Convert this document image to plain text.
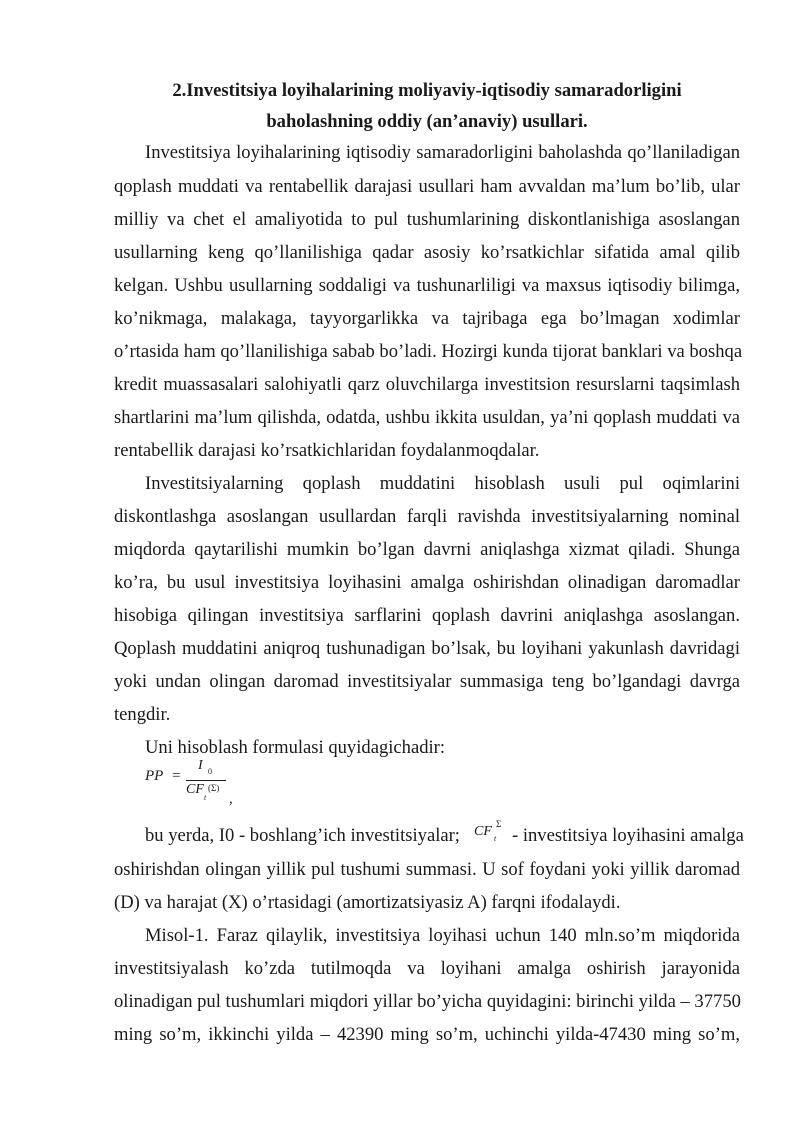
2.Investitsiya loyihalarining moliyaviy-iqtisodiy samaradorligini
baholashning oddiy (an’anaviy) usullari.
Investitsiya loyihalarining iqtisodiy samaradorligini baholashda qo’llaniladigan
qoplash muddati va rentabellik darajasi usullari ham avvaldan ma’lum bo’lib, ular
milliy va chet el amaliyotida to pul tushumlarining diskontlanishiga asoslangan
usullarning keng qo’llanilishiga qadar asosiy ko’rsatkichlar sifatida amal qilib
kelgan. Ushbu usullarning soddaligi va tushunarliligi va maxsus iqtisodiy bilimga,
ko’nikmaga, malakaga, tayyorgarlikka va tajribaga ega bo’lmagan xodimlar
o’rtasida ham qo’llanilishiga sabab bo’ladi. Hozirgi kunda tijorat banklari va boshqa
kredit muassasalari salohiyatli qarz oluvchilarga investitsion resurslarni taqsimlash
shartlarini ma’lum qilishda, odatda, ushbu ikkita usuldan, ya’ni qoplash muddati va
rentabellik darajasi ko’rsatkichlaridan foydalanmoqdalar.
Investitsiyalarning qoplash muddatini hisoblash usuli pul oqimlarini
diskontlashga asoslangan usullardan farqli ravishda investitsiyalarning nominal
miqdorda qaytarilishi mumkin bo’lgan davrni aniqlashga xizmat qiladi. Shunga
ko’ra, bu usul investitsiya loyihasini amalga oshirishdan olinadigan daromadlar
hisobiga qilingan investitsiya sarflarini qoplash davrini aniqlashga asoslangan.
Qoplash muddatini aniqroq tushunadigan bo’lsak, bu loyihani yakunlash davridagi
yoki undan olingan daromad investitsiyalar summasiga teng bo’lgandagi davrga
tengdir.
Uni hisoblash formulasi quyidagichadir:
PP =
I 0
CF
t
(Σ)
,
bu yerda, I0 - boshlang’ich investitsiyalar;	CF Σ
t - investitsiya loyihasini amalga
oshirishdan olingan yillik pul tushumi summasi. U sof foydani yoki yillik daromad
(D) va harajat (X) o’rtasidagi (amortizatsiyasiz A) farqni ifodalaydi.
Misol-1. Faraz qilaylik, investitsiya loyihasi uchun 140 mln.so’m miqdorida
investitsiyalash ko’zda tutilmoqda va loyihani amalga oshirish jarayonida
olinadigan pul tushumlari miqdori yillar bo’yicha quyidagini: birinchi yilda – 37750
ming so’m, ikkinchi yilda – 42390 ming so’m, uchinchi yilda-47430 ming so’m,
